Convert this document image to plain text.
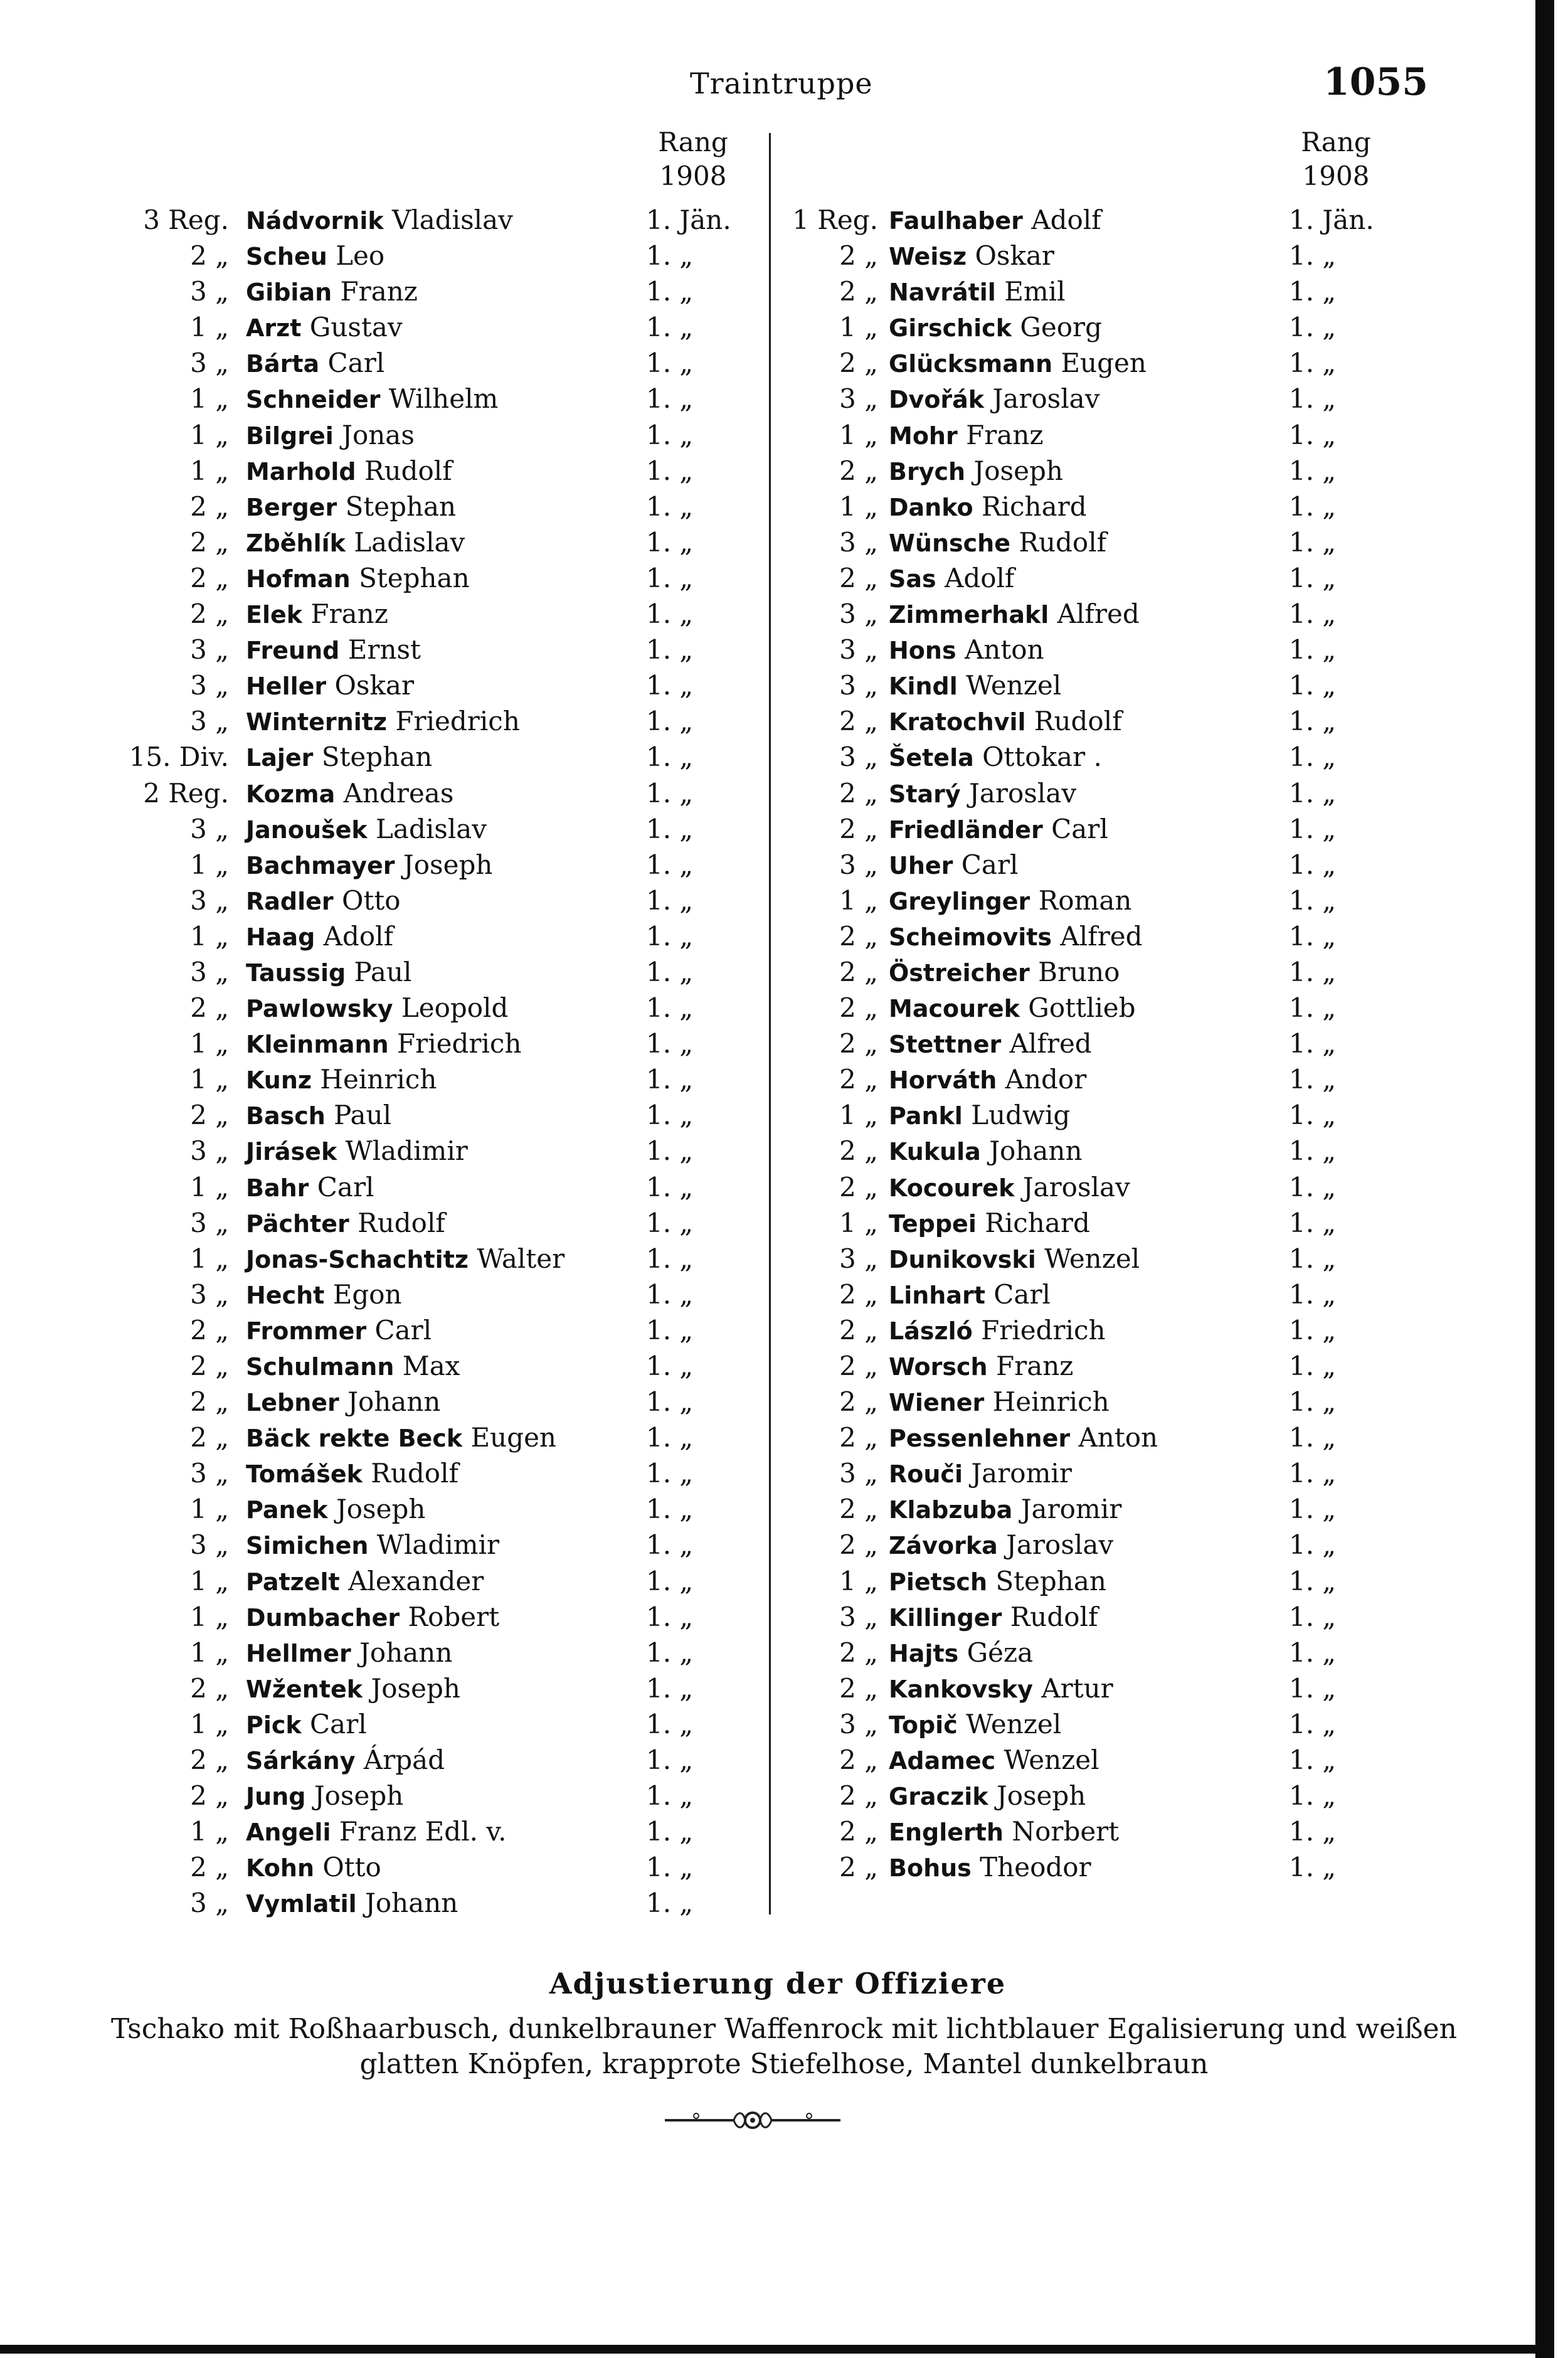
Traintruppe	1055
Rang
1908
3 Reg. Nádvornik Vladislav	1. Jän.
2 „ Scheu Leo	1. „
3 „ Gibian Franz	1. „
1 „ Arzt Gustav	1. „
3 „ Bárta Carl	1. „
1 „ Schneider Wilhelm	1. „
1 „ Bilgrei Jonas	1. „
1 „ Marhold Rudolf	1. „
2 „ Berger Stephan	1. „
2 „ Zběhlík Ladislav	1. „
2 „ Hofman Stephan	1. „
2 „ Elek Franz	1. „
3 „ Freund Ernst	1. „
3 „ Heller Oskar	1. „
3 „ Winternitz Friedrich	1. „
15. Div. Lajer Stephan	1. „
2 Reg. Kozma Andreas	1. „
3 „ Janoušek Ladislav	1. „
1 „ Bachmayer Joseph	1. „
3 „ Radler Otto	1. „
1 „ Haag Adolf	1. „
3 „ Taussig Paul	1. „
2 „ Pawlowsky Leopold	1. „
1 „ Kleinmann Friedrich	1. „
1 „ Kunz Heinrich	1. „
2 „ Basch Paul	1. „
3 „ Jirásek Wladimir	1. „
1 „ Bahr Carl	1. „
3 „ Pächter Rudolf	1. „
1 „ Jonas-Schachtitz Walter	1. „
3 „ Hecht Egon	1. „
2 „ Frommer Carl	1. „
2 „ Schulmann Max	1. „
2 „ Lebner Johann	1. „
2 „ Bäck rekte Beck Eugen	1. „
3 „ Tomášek Rudolf	1. „
1 „ Panek Joseph	1. „
3 „ Simichen Wladimir	1. „
1 „ Patzelt Alexander	1. „
1 „ Dumbacher Robert	1. „
1 „ Hellmer Johann	1. „
2 „ Wžentek Joseph	1. „
1 „ Pick Carl	1. „
2 „ Sárkány Árpád	1. „
2 „ Jung Joseph	1. „
1 „ Angeli Franz Edl. v.	1. „
2 „ Kohn Otto	1. „
3 „ Vymlatil Johann	1. „
Rang
1908
1 Reg. Faulhaber Adolf	1. Jän.
2 „ Weisz Oskar	1. „
2 „ Navrátil Emil	1. „
1 „ Girschick Georg	1. „
2 „ Glücksmann Eugen	1. „
3 „ Dvořák Jaroslav	1. „
1 „ Mohr Franz	1. „
2 „ Brych Joseph	1. „
1 „ Danko Richard	1. „
3 „ Wünsche Rudolf	1. „
2 „ Sas Adolf	1. „
3 „ Zimmerhakl Alfred	1. „
3 „ Hons Anton	1. „
3 „ Kindl Wenzel	1. „
2 „ Kratochvil Rudolf	1. „
3 „ Šetela Ottokar .	1. „
2 „ Starý Jaroslav	1. „
2 „ Friedländer Carl	1. „
3 „ Uher Carl	1. „
1 „ Greylinger Roman	1. „
2 „ Scheimovits Alfred	1. „
2 „ Östreicher Bruno	1. „
2 „ Macourek Gottlieb	1. „
2 „ Stettner Alfred	1. „
2 „ Horváth Andor	1. „
1 „ Pankl Ludwig	1. „
2 „ Kukula Johann	1. „
2 „ Kocourek Jaroslav	1. „
1 „ Teppei Richard	1. „
3 „ Dunikovski Wenzel	1. „
2 „ Linhart Carl	1. „
2 „ László Friedrich	1. „
2 „ Worsch Franz	1. „
2 „ Wiener Heinrich	1. „
2 „ Pessenlehner Anton	1. „
3 „ Rouči Jaromir	1. „
2 „ Klabzuba Jaromir	1. „
2 „ Závorka Jaroslav	1. „
1 „ Pietsch Stephan	1. „
3 „ Killinger Rudolf	1. „
2 „ Hajts Géza	1. „
2 „ Kankovsky Artur	1. „
3 „ Topič Wenzel	1. „
2 „ Adamec Wenzel	1. „
2 „ Graczik Joseph	1. „
2 „ Englerth Norbert	1. „
2 „ Bohus Theodor	1. „
Adjustierung der Offiziere
Tschako mit Roßhaarbusch, dunkelbrauner Waffenrock mit lichtblauer Egalisierung und weißen glatten Knöpfen, krapprote Stiefelhose, Mantel dunkelbraun
